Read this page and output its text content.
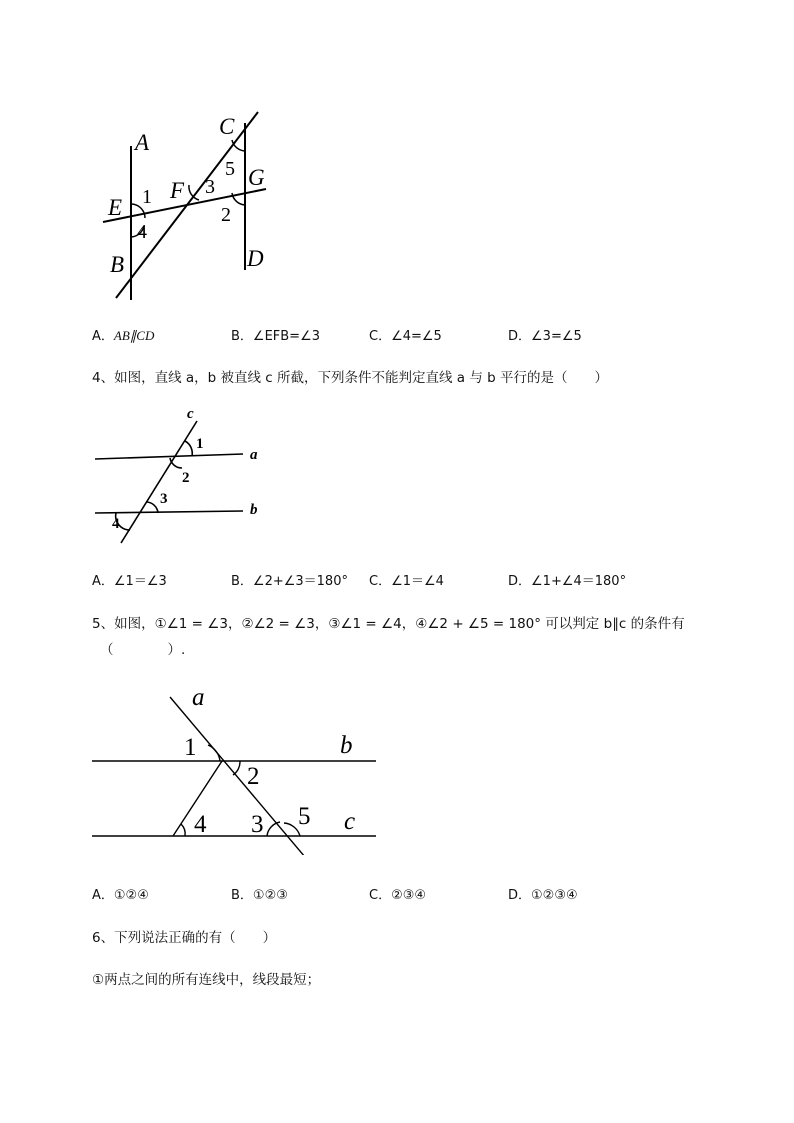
A
C
G
E
F
B	D
1	3
5
2
4
A．AB∥CD	B．∠EFB=∠3	C．∠4=∠5	D．∠3=∠5
4、如图，直线 a，b 被直线 c 所截，下列条件不能判定直线 a 与 b 平行的是（　　）
c
a
b
1
2
3
4
A．∠1＝∠3	B．∠2+∠3＝180° C．∠1＝∠4	D．∠1+∠4＝180°
5、如图，①∠1 = ∠3，②∠2 = ∠3，③∠1 = ∠4，④∠2 + ∠5 = 180° 可以判定 b∥c 的条件有
（　　　　）.
a
b
c
1
2
4 3 5
A．①②④	B．①②③	C．②③④	D．①②③④
6、下列说法正确的有（　　）
①两点之间的所有连线中，线段最短；
